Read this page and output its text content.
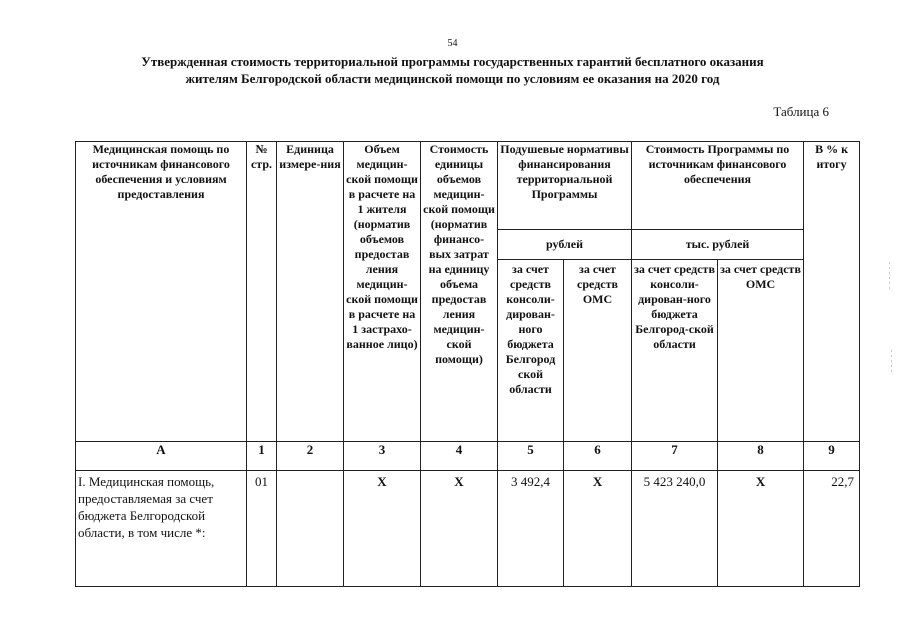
54
Утвержденная стоимость территориальной программы государственных гарантий бесплатного оказания
жителям Белгородской области медицинской помощи по условиям ее оказания на 2020 год
Таблица 6
Медицинская помощь по источникам финансового обеспечения и условиям предоставления	№ стр.	Единица измере-ния	Объем медицин-ской помощи в расчете на 1 жителя (норматив объемов предостав ления медицин-ской помощи в расчете на 1 застрахо-ванное лицо)	Стоимость единицы объемов медицин-ской помощи (норматив финансо-вых затрат на единицу объема предостав ления медицин-ской помощи)	Подушевые нормативы финансирования территориальной Программы		Стоимость Программы по источникам финансового обеспечения		В % к итогу
					рублей		тыс. рублей		
					за счет средств консоли-дирован-ного бюджета Белгород ской области	за счет средств ОМС	за счет средств консоли-дирован-ного бюджета Белгород-ской области	за счет средств ОМС	
А	1	2	3	4	5	6	7	8	9
I. Медицинская помощь, предоставляемая за счет бюджета Белгородской области, в том числе *:	01		Х	Х	3 492,4	Х	5 423 240,0	Х	22,7
